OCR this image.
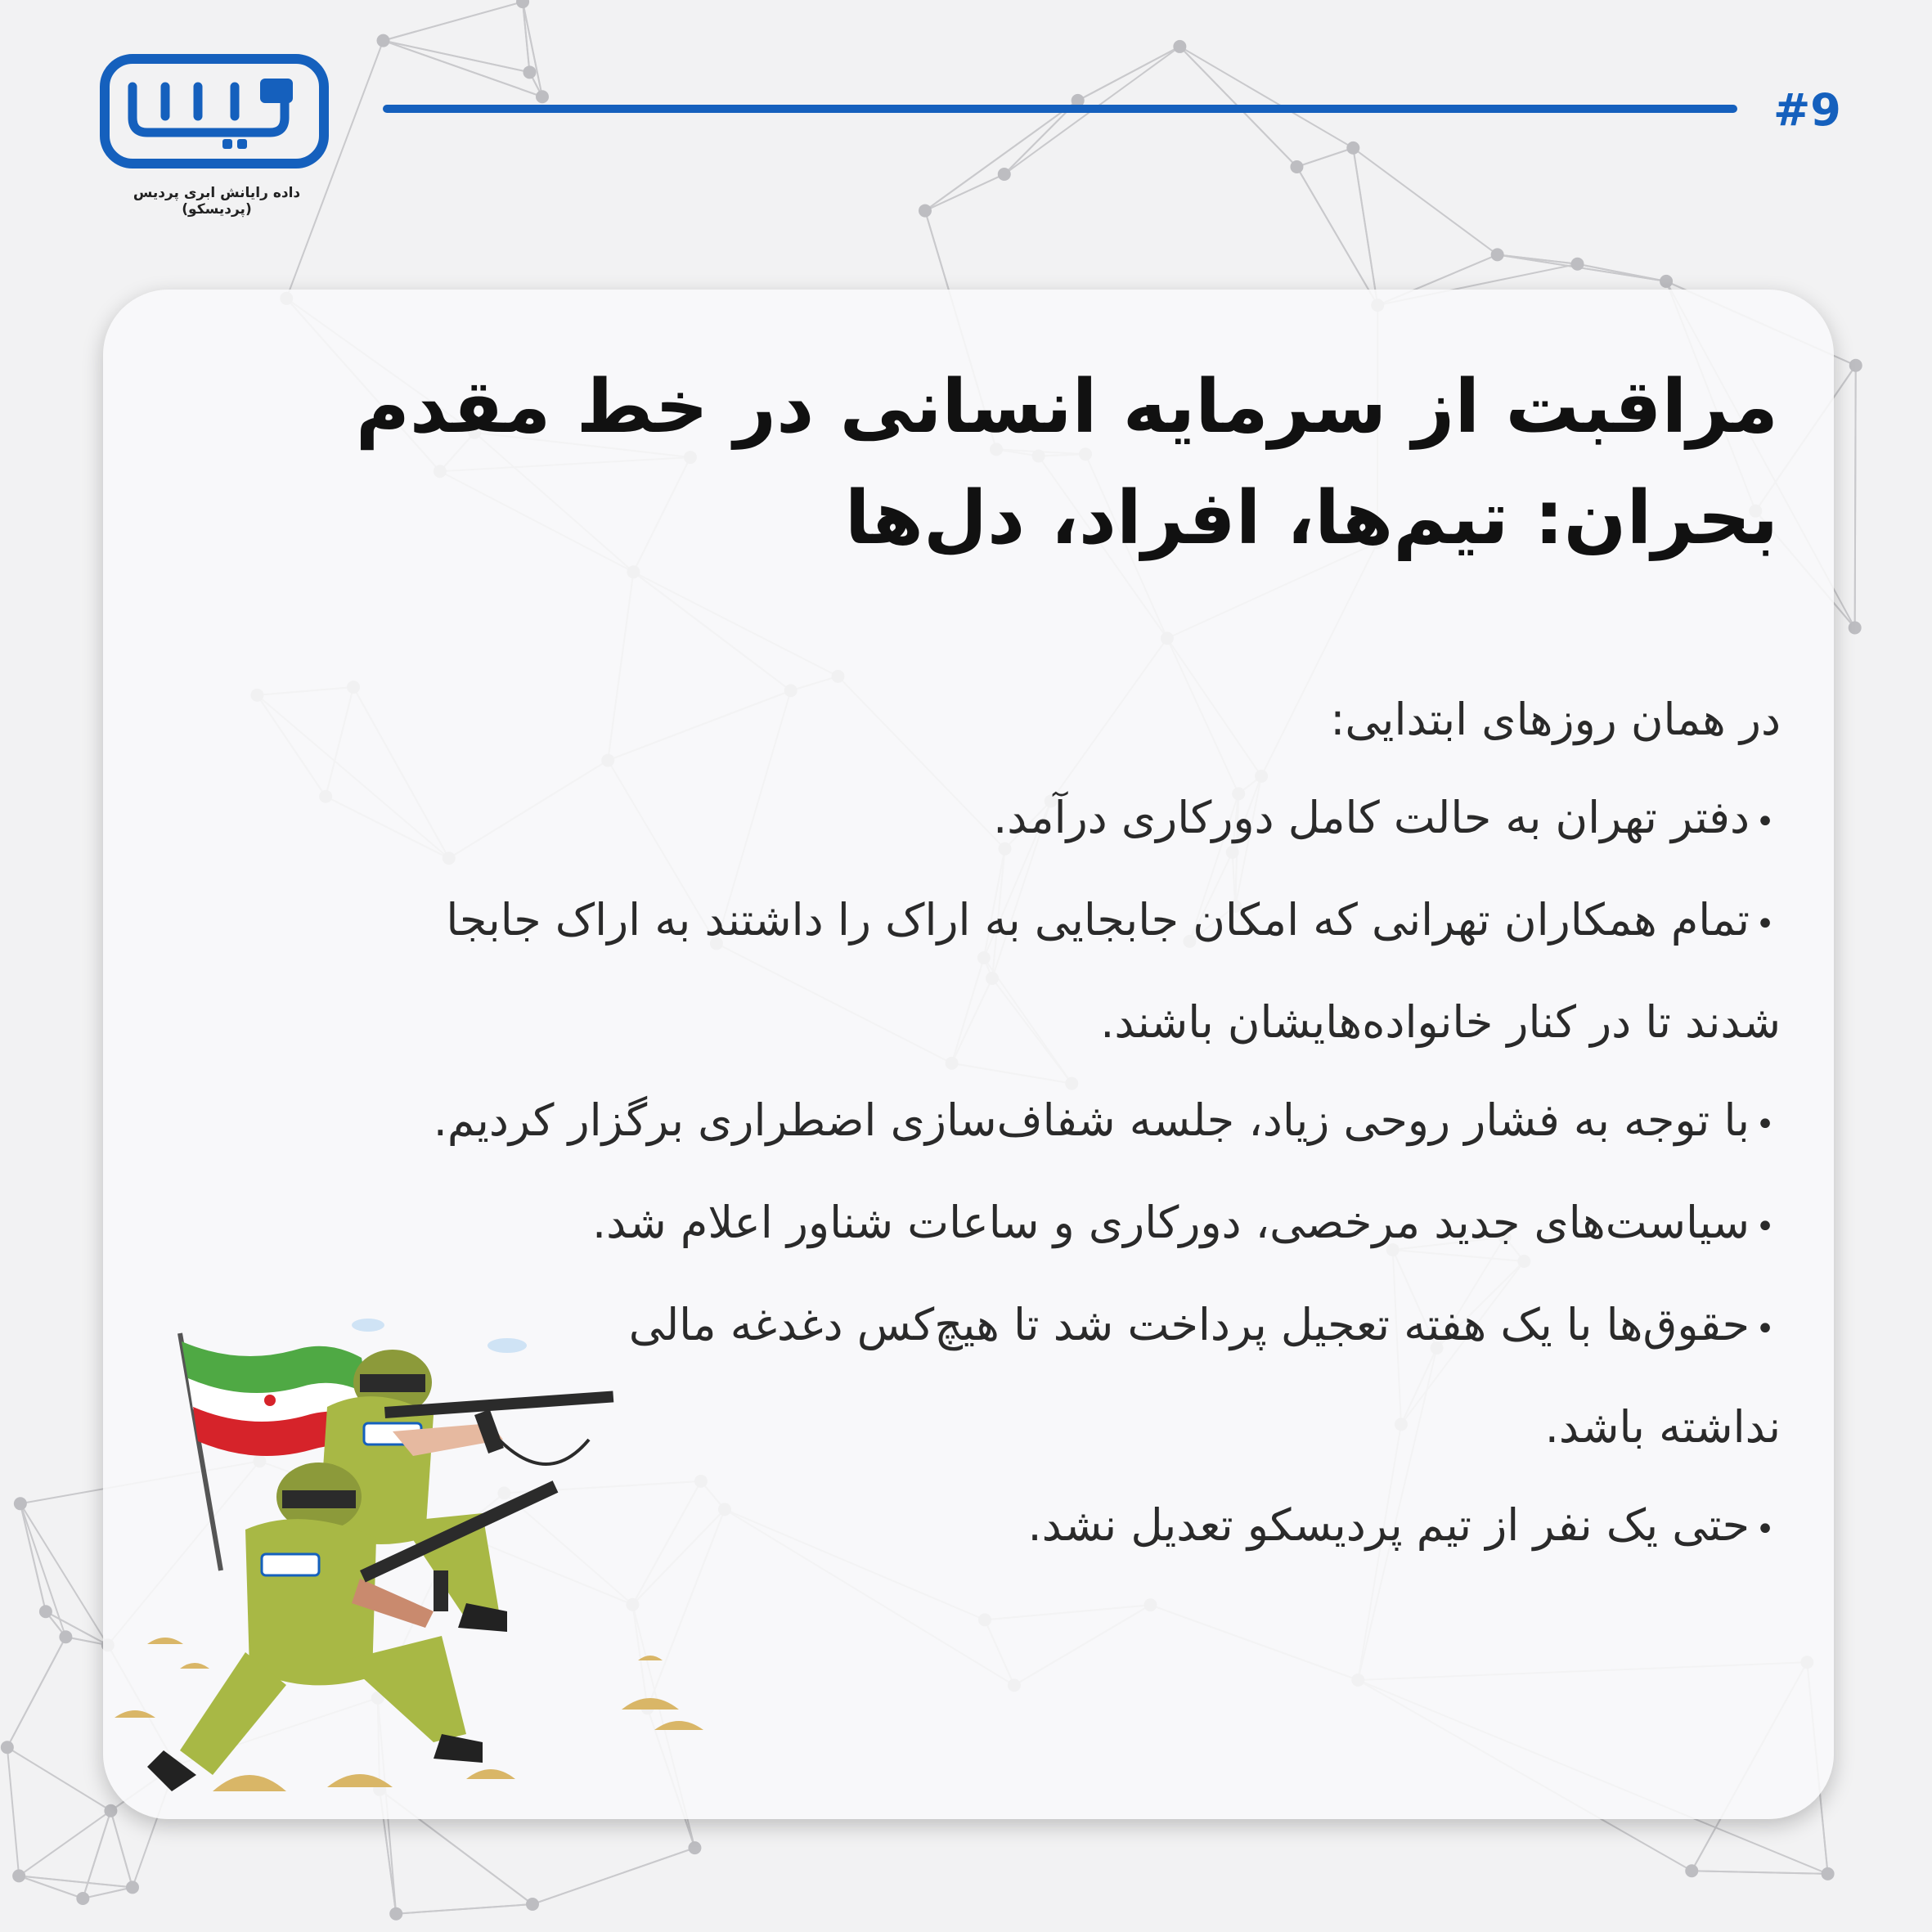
داده رایانش ابری پردیس (پردیسکو)
#9
مراقبت از سرمایه انسانی در خط مقدم
بحران: تیم‌ها، افراد، دل‌ها
در همان روزهای ابتدایی:
•دفتر تهران به حالت کامل دورکاری درآمد.
•تمام همکاران تهرانی که امکان جابجایی به اراک را داشتند به اراک جابجا
شدند تا در کنار خانواده‌هایشان باشند.
•با توجه به فشار روحی زیاد، جلسه شفاف‌سازی اضطراری برگزار کردیم.
•سیاست‌های جدید مرخصی، دورکاری و ساعات شناور اعلام شد.
•حقوق‌ها با یک هفته تعجیل پرداخت شد تا هیچ‌کس دغدغه مالی
نداشته باشد.
•حتی یک نفر از تیم پردیسکو تعدیل نشد.
